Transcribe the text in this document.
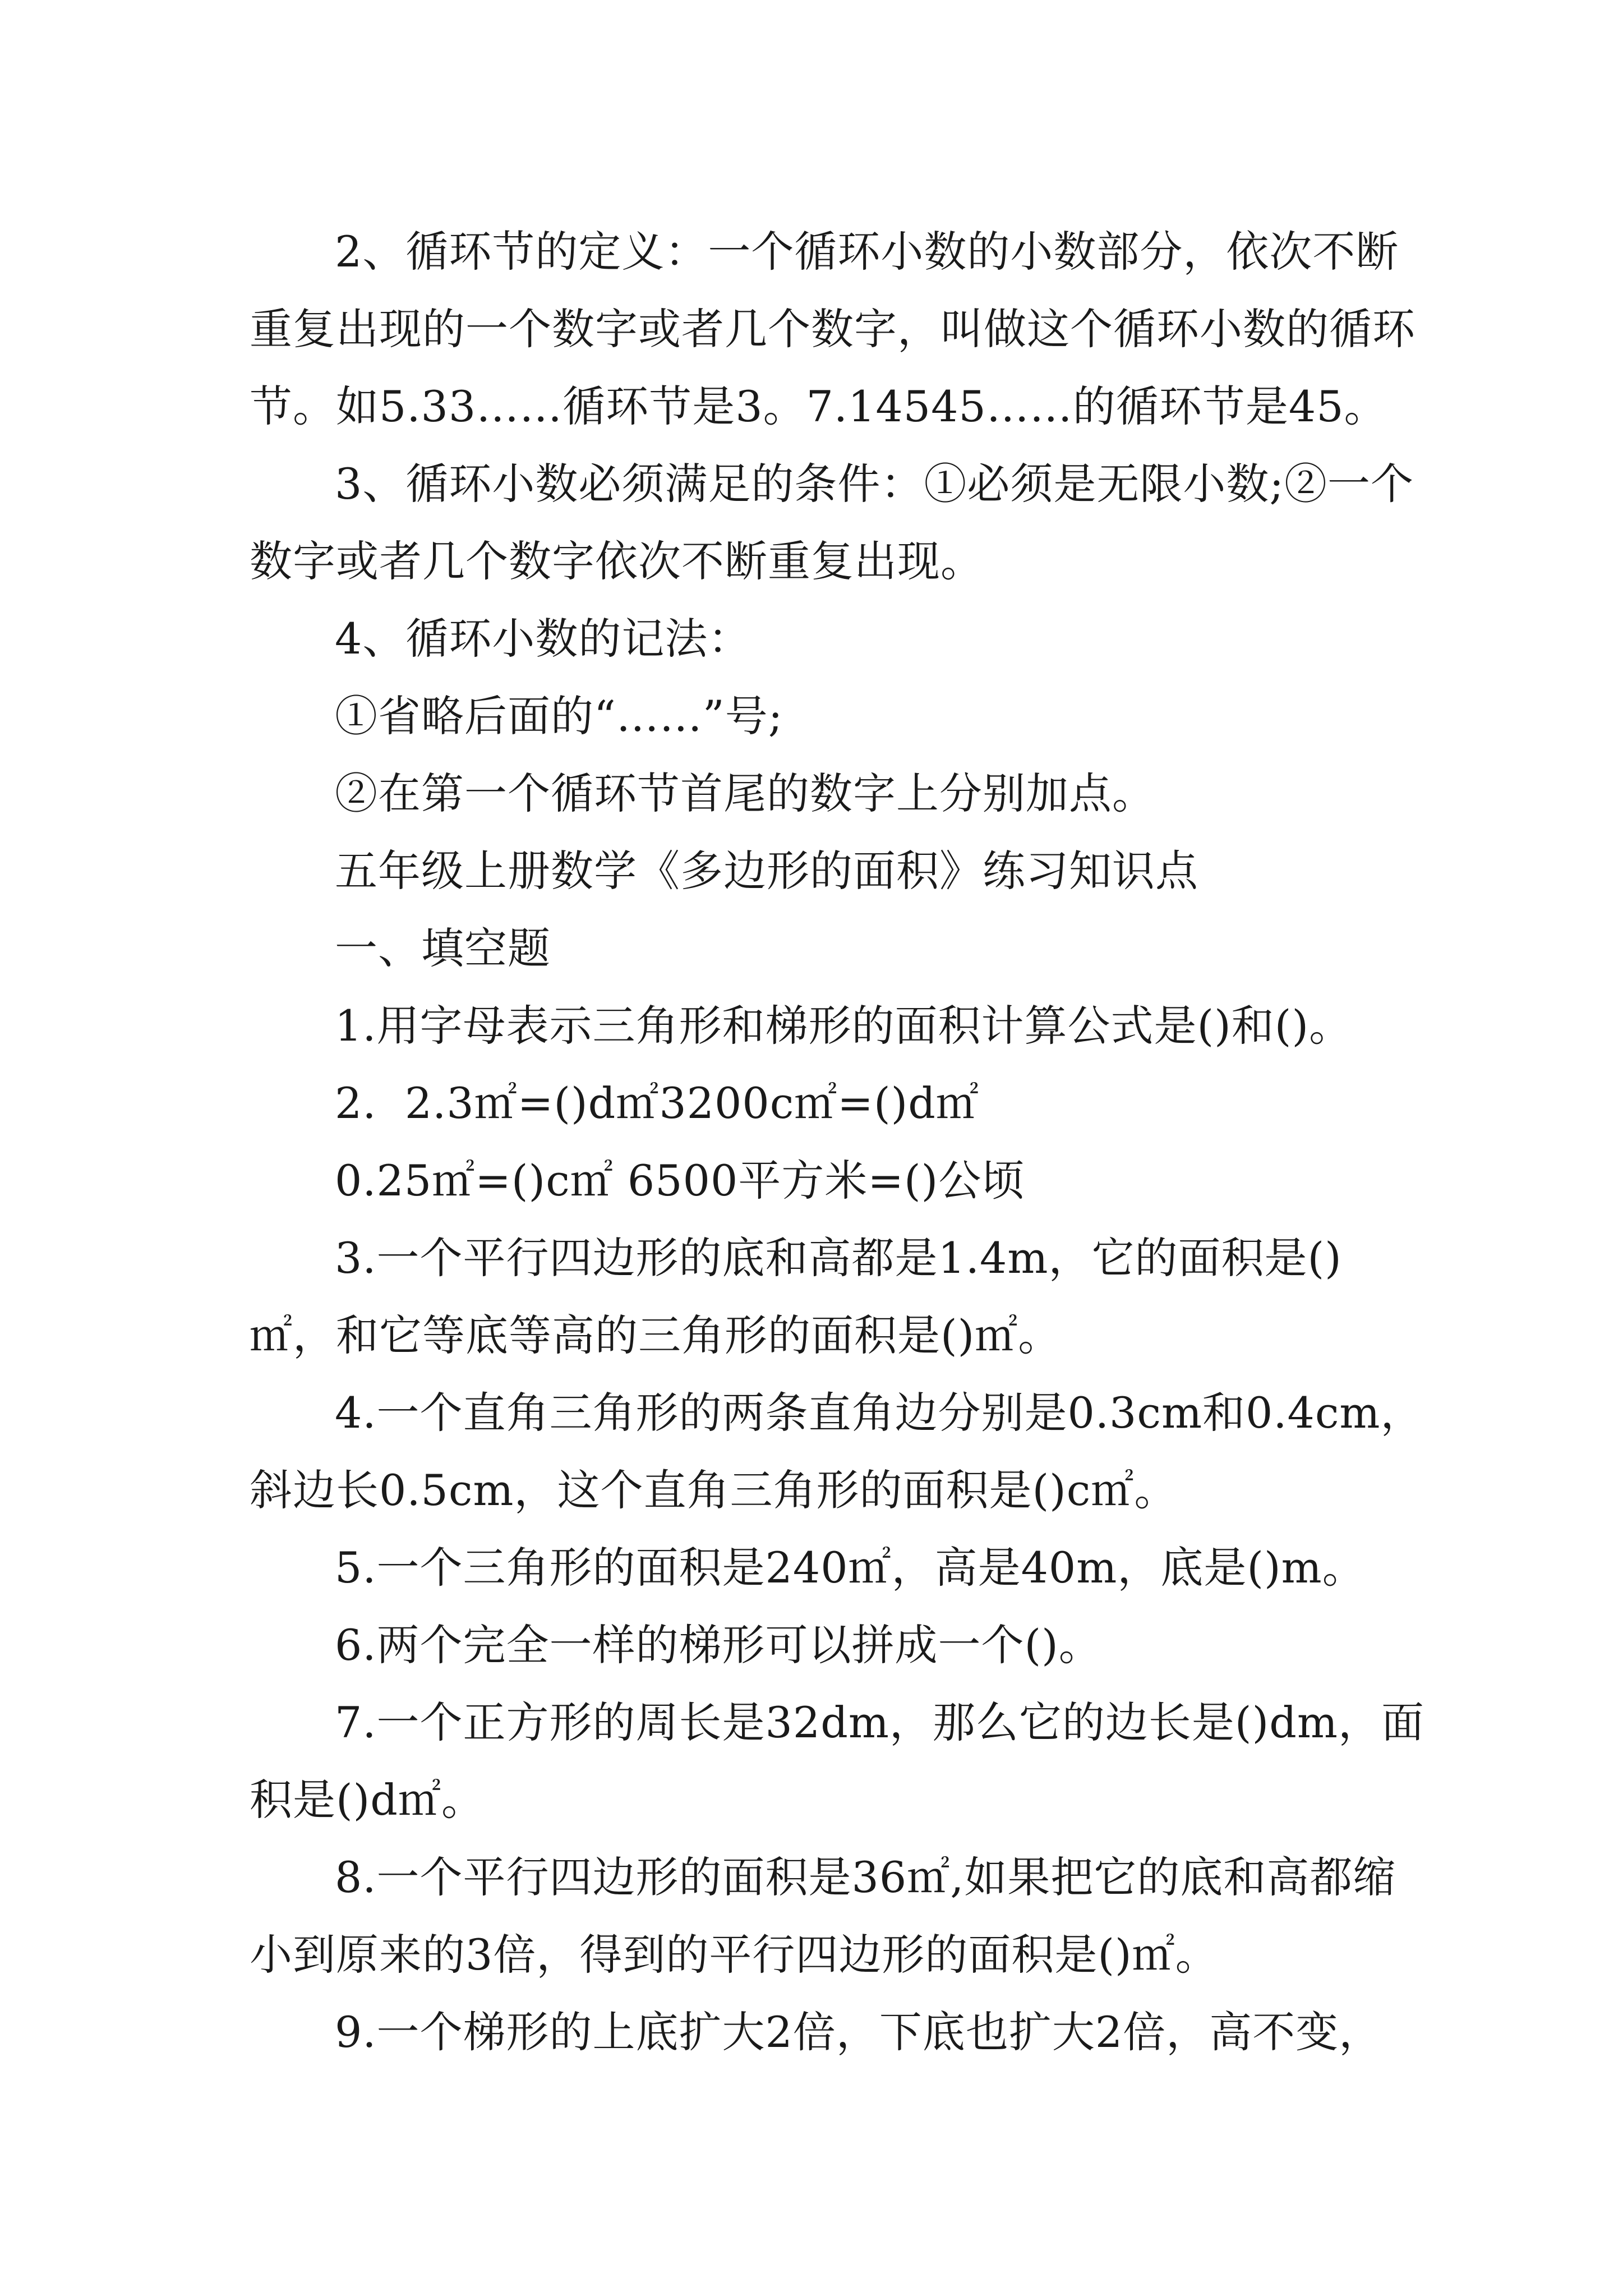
2、循环节的定义：一个循环小数的小数部分，依次不断重复出现的一个数字或者几个数字，叫做这个循环小数的循环节。如5.33……循环节是3。7.14545……的循环节是45。

3、循环小数必须满足的条件：①必须是无限小数;②一个数字或者几个数字依次不断重复出现。

4、循环小数的记法：

①省略后面的“……”号;

②在第一个循环节首尾的数字上分别加点。

五年级上册数学《多边形的面积》练习知识点

一、填空题

1.用字母表示三角形和梯形的面积计算公式是()和()。

2.  2.3㎡=()d㎡3200c㎡=()d㎡

0.25㎡=()c㎡ 6500平方米=()公顷

3.一个平行四边形的底和高都是1.4m，它的面积是()㎡，和它等底等高的三角形的面积是()㎡。

4.一个直角三角形的两条直角边分别是0.3cm和0.4cm，斜边长0.5cm，这个直角三角形的面积是()c㎡。

5.一个三角形的面积是240㎡，高是40m，底是()m。

6.两个完全一样的梯形可以拼成一个()。

7.一个正方形的周长是32dm，那么它的边长是()dm，面积是()d㎡。

8.一个平行四边形的面积是36㎡,如果把它的底和高都缩小到原来的3倍，得到的平行四边形的面积是()㎡。

9.一个梯形的上底扩大2倍，下底也扩大2倍，高不变，
